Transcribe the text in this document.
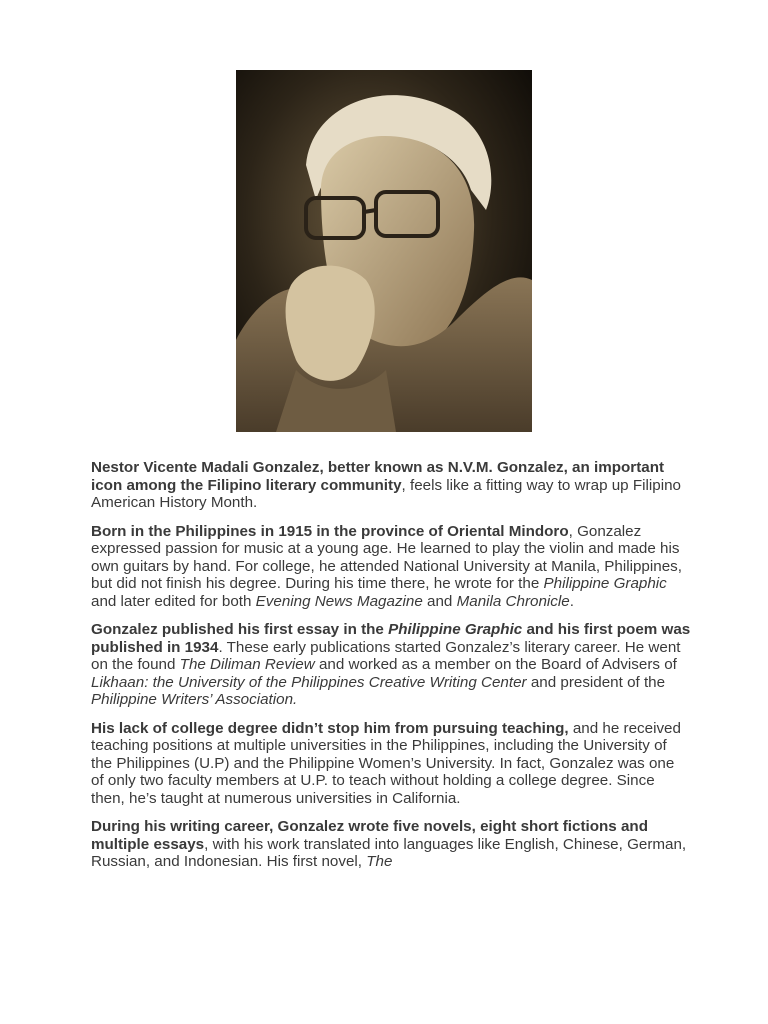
Nestor Vicente Madali Gonzalez, better known as N.V.M. Gonzalez, an important icon among the Filipino literary community, feels like a fitting way to wrap up Filipino American History Month.

Born in the Philippines in 1915 in the province of Oriental Mindoro, Gonzalez expressed passion for music at a young age. He learned to play the violin and made his own guitars by hand. For college, he attended National University at Manila, Philippines, but did not finish his degree. During his time there, he wrote for the Philippine Graphic and later edited for both Evening News Magazine and Manila Chronicle.

Gonzalez published his first essay in the Philippine Graphic and his first poem was published in 1934. These early publications started Gonzalez’s literary career. He went on the found The Diliman Review and worked as a member on the Board of Advisers of Likhaan: the University of the Philippines Creative Writing Center and president of the Philippine Writers’ Association.

His lack of college degree didn’t stop him from pursuing teaching, and he received teaching positions at multiple universities in the Philippines, including the University of the Philippines (U.P) and the Philippine Women’s University. In fact, Gonzalez was one of only two faculty members at U.P. to teach without holding a college degree. Since then, he’s taught at numerous universities in California.

During his writing career, Gonzalez wrote five novels, eight short fictions and multiple essays, with his work translated into languages like English, Chinese, German, Russian, and Indonesian. His first novel, The
